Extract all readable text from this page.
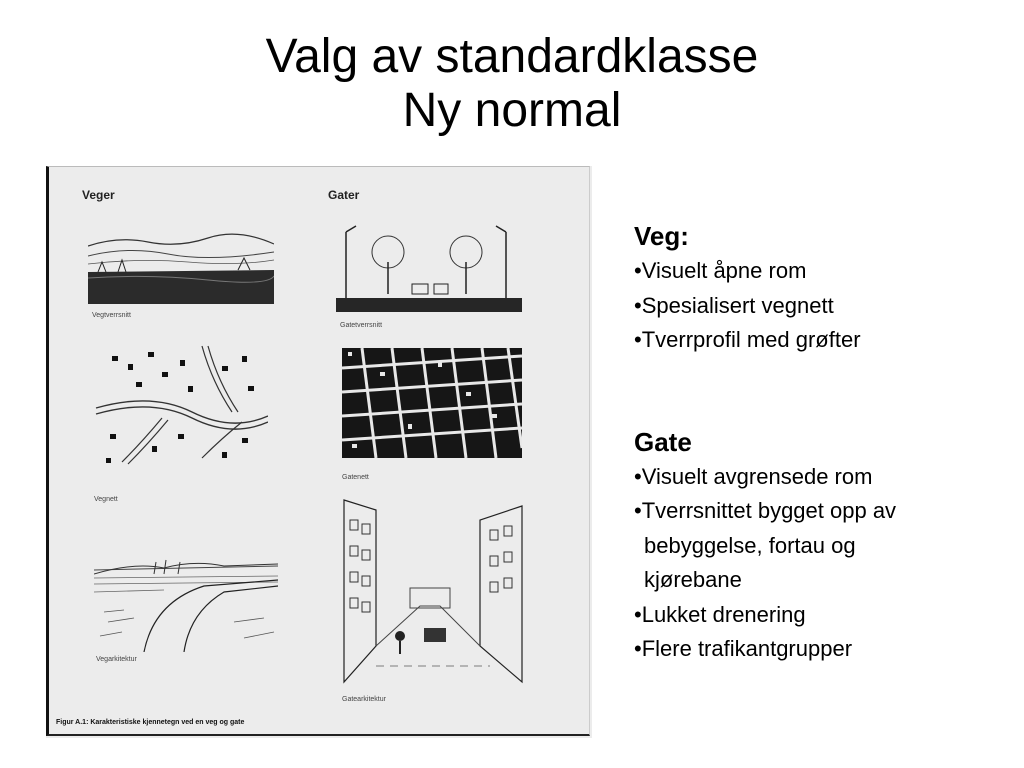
Valg av standardklasse
Ny normal
Veger	Gater
Vegtverrsnitt
Gatetverrsnitt
Vegnett
Gatenett
Vegarkitektur
Gatearkitektur
Figur A.1: Karakteristiske kjennetegn ved en veg og gate
Veg:
•Visuelt åpne rom
•Spesialisert vegnett
•Tverrprofil med grøfter
Gate
•Visuelt avgrensede rom
•Tverrsnittet bygget opp av
bebyggelse, fortau og
kjørebane
•Lukket drenering
•Flere trafikantgrupper
